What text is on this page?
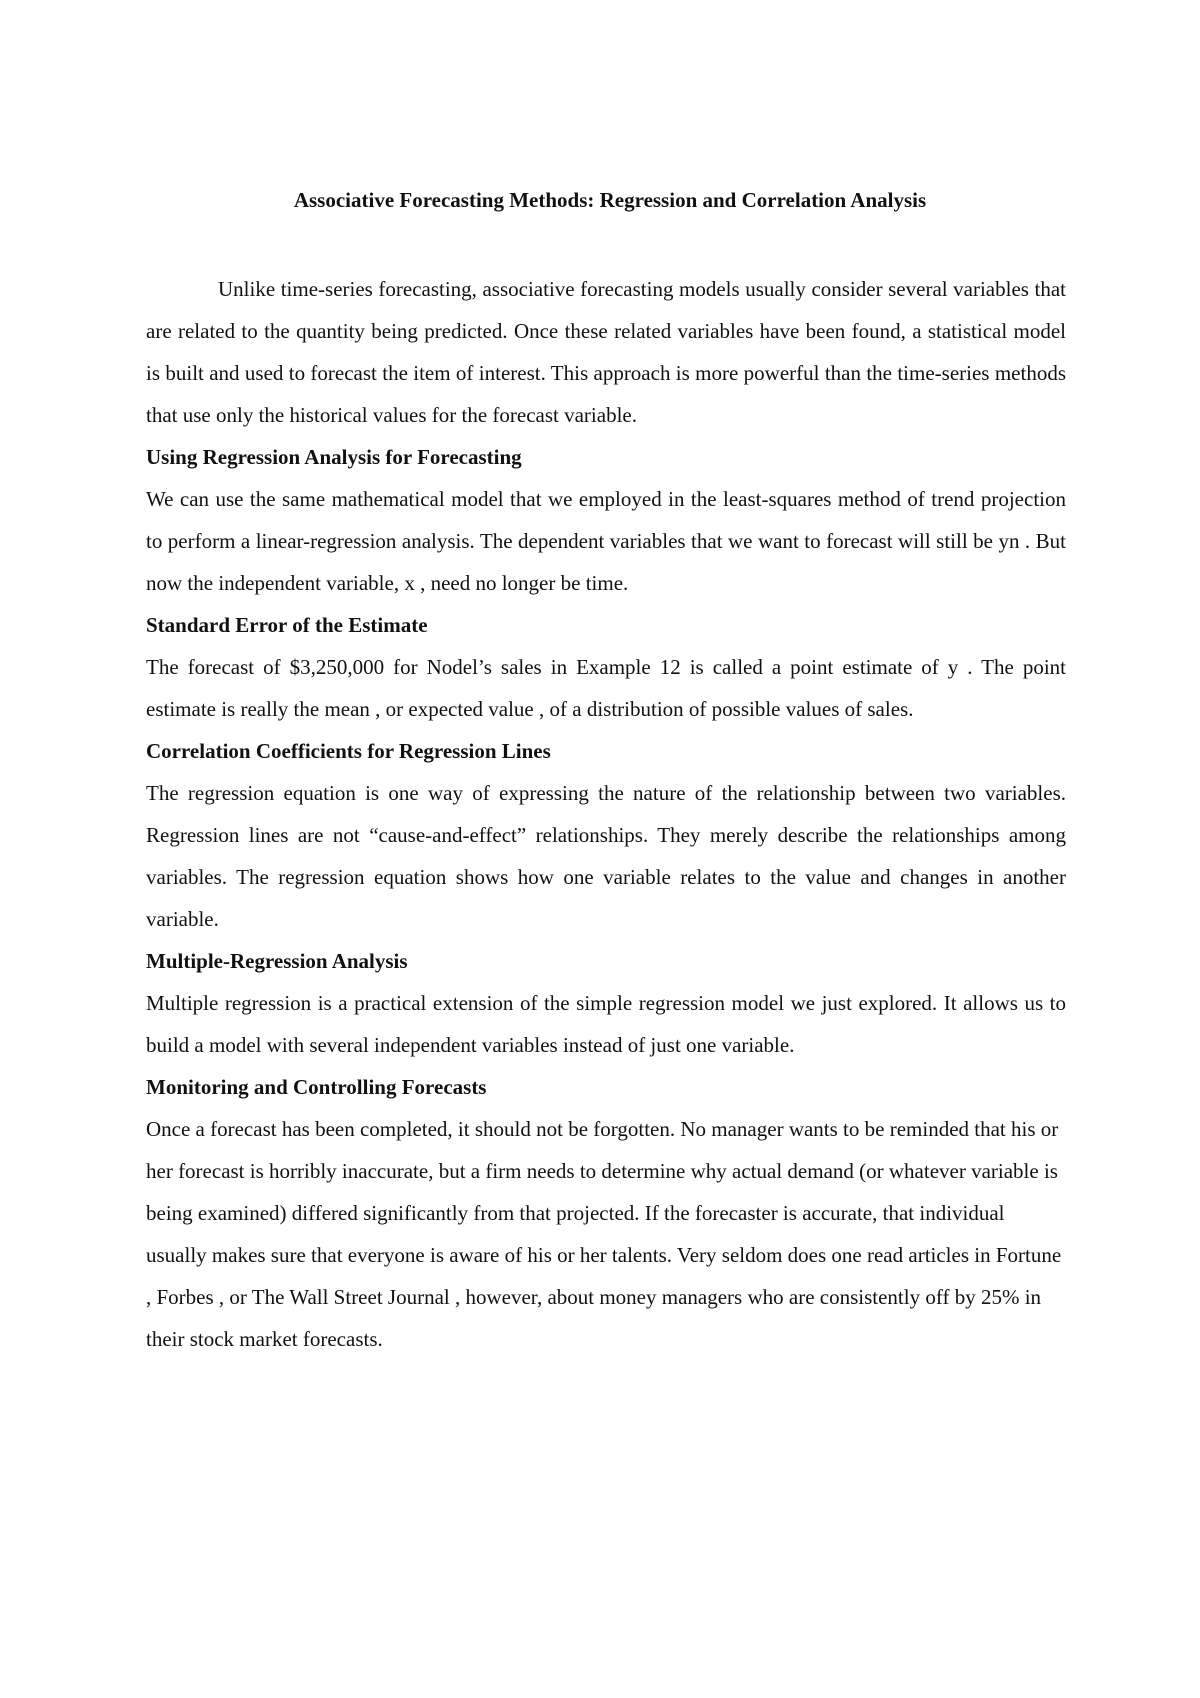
Associative Forecasting Methods: Regression and Correlation Analysis

Unlike time-series forecasting, associative forecasting models usually consider several variables that are related to the quantity being predicted. Once these related variables have been found, a statistical model is built and used to forecast the item of interest. This approach is more powerful than the time-series methods that use only the historical values for the forecast variable.

Using Regression Analysis for Forecasting

We can use the same mathematical model that we employed in the least-squares method of trend projection to perform a linear-regression analysis. The dependent variables that we want to forecast will still be yn . But now the independent variable, x , need no longer be time.

Standard Error of the Estimate

The forecast of $3,250,000 for Nodel’s sales in Example 12 is called a point estimate of y . The point estimate is really the mean , or expected value , of a distribution of possible values of sales.

Correlation Coefficients for Regression Lines

The regression equation is one way of expressing the nature of the relationship between two variables. Regression lines are not “cause-and-effect” relationships. They merely describe the relationships among variables. The regression equation shows how one variable relates to the value and changes in another variable.

Multiple-Regression Analysis

Multiple regression is a practical extension of the simple regression model we just explored. It allows us to build a model with several independent variables instead of just one variable.

Monitoring and Controlling Forecasts

Once a forecast has been completed, it should not be forgotten. No manager wants to be reminded that his or her forecast is horribly inaccurate, but a firm needs to determine why actual demand (or whatever variable is being examined) differed significantly from that projected. If the forecaster is accurate, that individual usually makes sure that everyone is aware of his or her talents. Very seldom does one read articles in Fortune , Forbes , or The Wall Street Journal , however, about money managers who are consistently off by 25% in their stock market forecasts.
